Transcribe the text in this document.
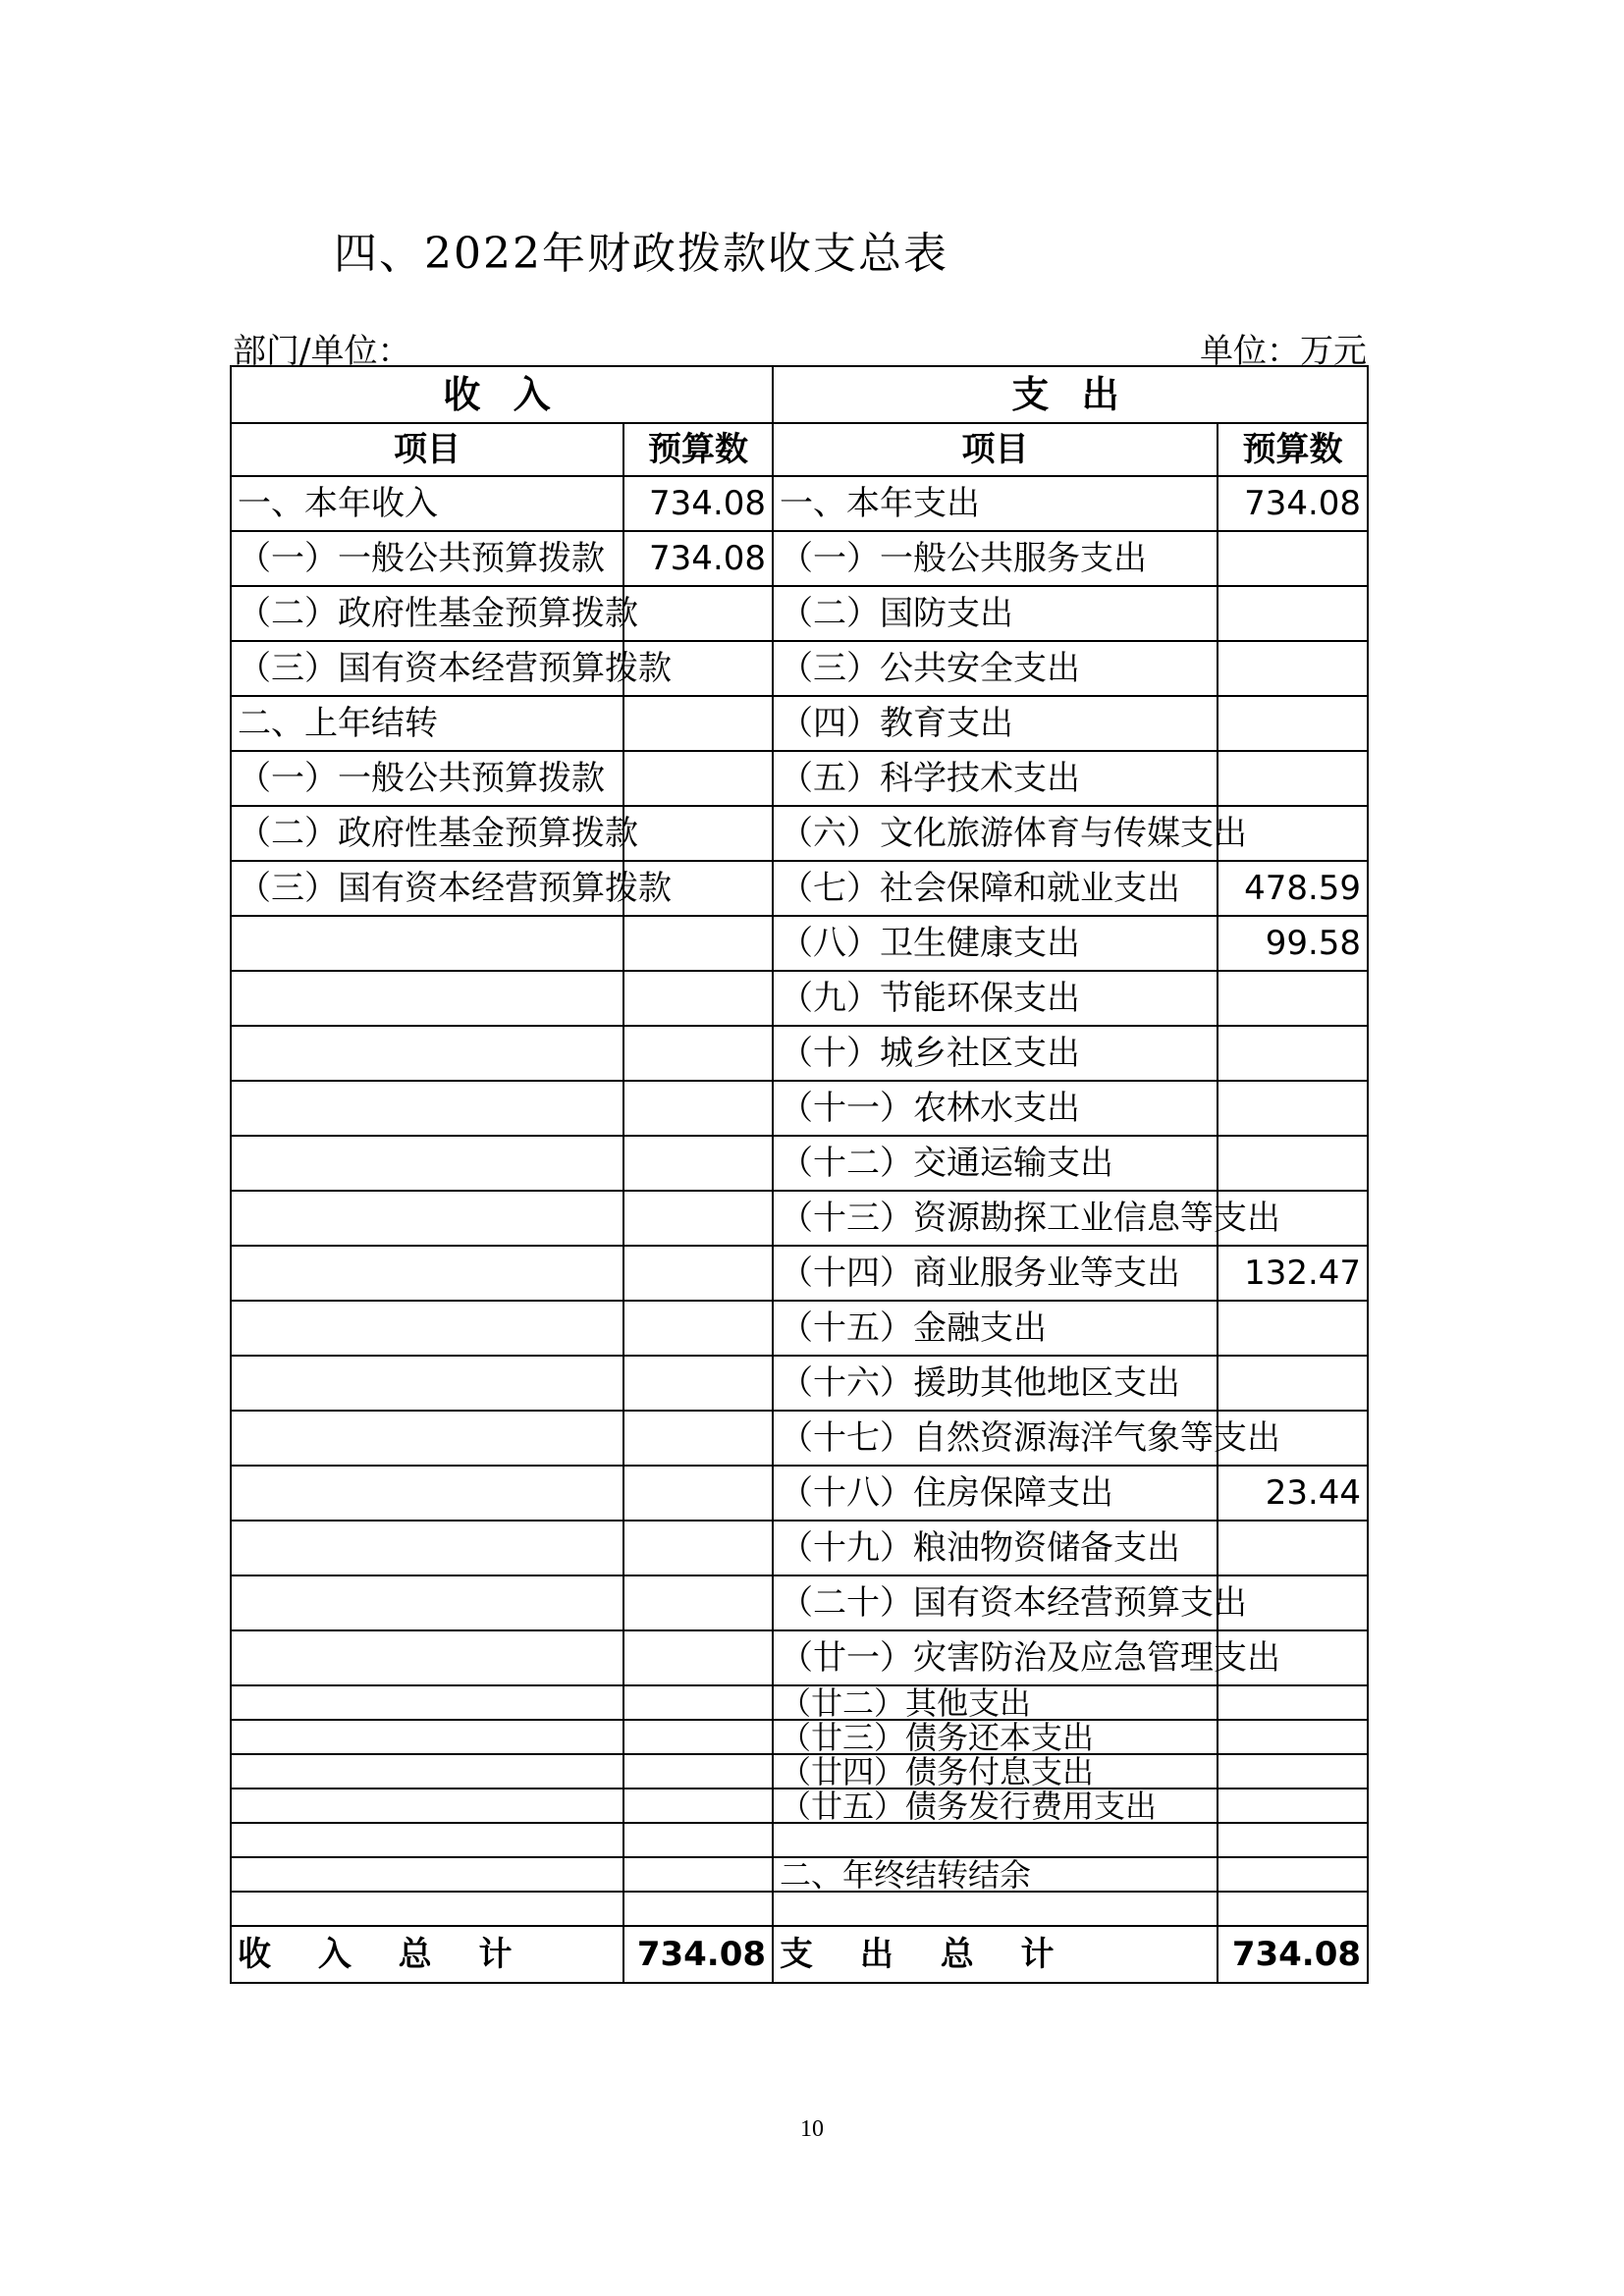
四、2022年财政拨款收支总表
部门/单位：	单位：万元
收 入		支 出	
项目	预算数	项目	预算数
一、本年收入	734.08	一、本年支出	734.08
（一）一般公共预算拨款	734.08	（一）一般公共服务支出	
（二）政府性基金预算拨款		（二）国防支出	
（三）国有资本经营预算拨款		（三）公共安全支出	
二、上年结转		（四）教育支出	
（一）一般公共预算拨款		（五）科学技术支出	
（二）政府性基金预算拨款		（六）文化旅游体育与传媒支出	
（三）国有资本经营预算拨款		（七）社会保障和就业支出	478.59
		（八）卫生健康支出	99.58
		（九）节能环保支出	
		（十）城乡社区支出	
		（十一）农林水支出	
		（十二）交通运输支出	
		（十三）资源勘探工业信息等支出	
		（十四）商业服务业等支出	132.47
		（十五）金融支出	
		（十六）援助其他地区支出	
		（十七）自然资源海洋气象等支出	
		（十八）住房保障支出	23.44
		（十九）粮油物资储备支出	
		（二十）国有资本经营预算支出	
		（廿一）灾害防治及应急管理支出	
		（廿二）其他支出	
		（廿三）债务还本支出	
		（廿四）债务付息支出	
		（廿五）债务发行费用支出	

		二、年终结转结余	

收 入 总 计	734.08	支 出 总 计	734.08
10
